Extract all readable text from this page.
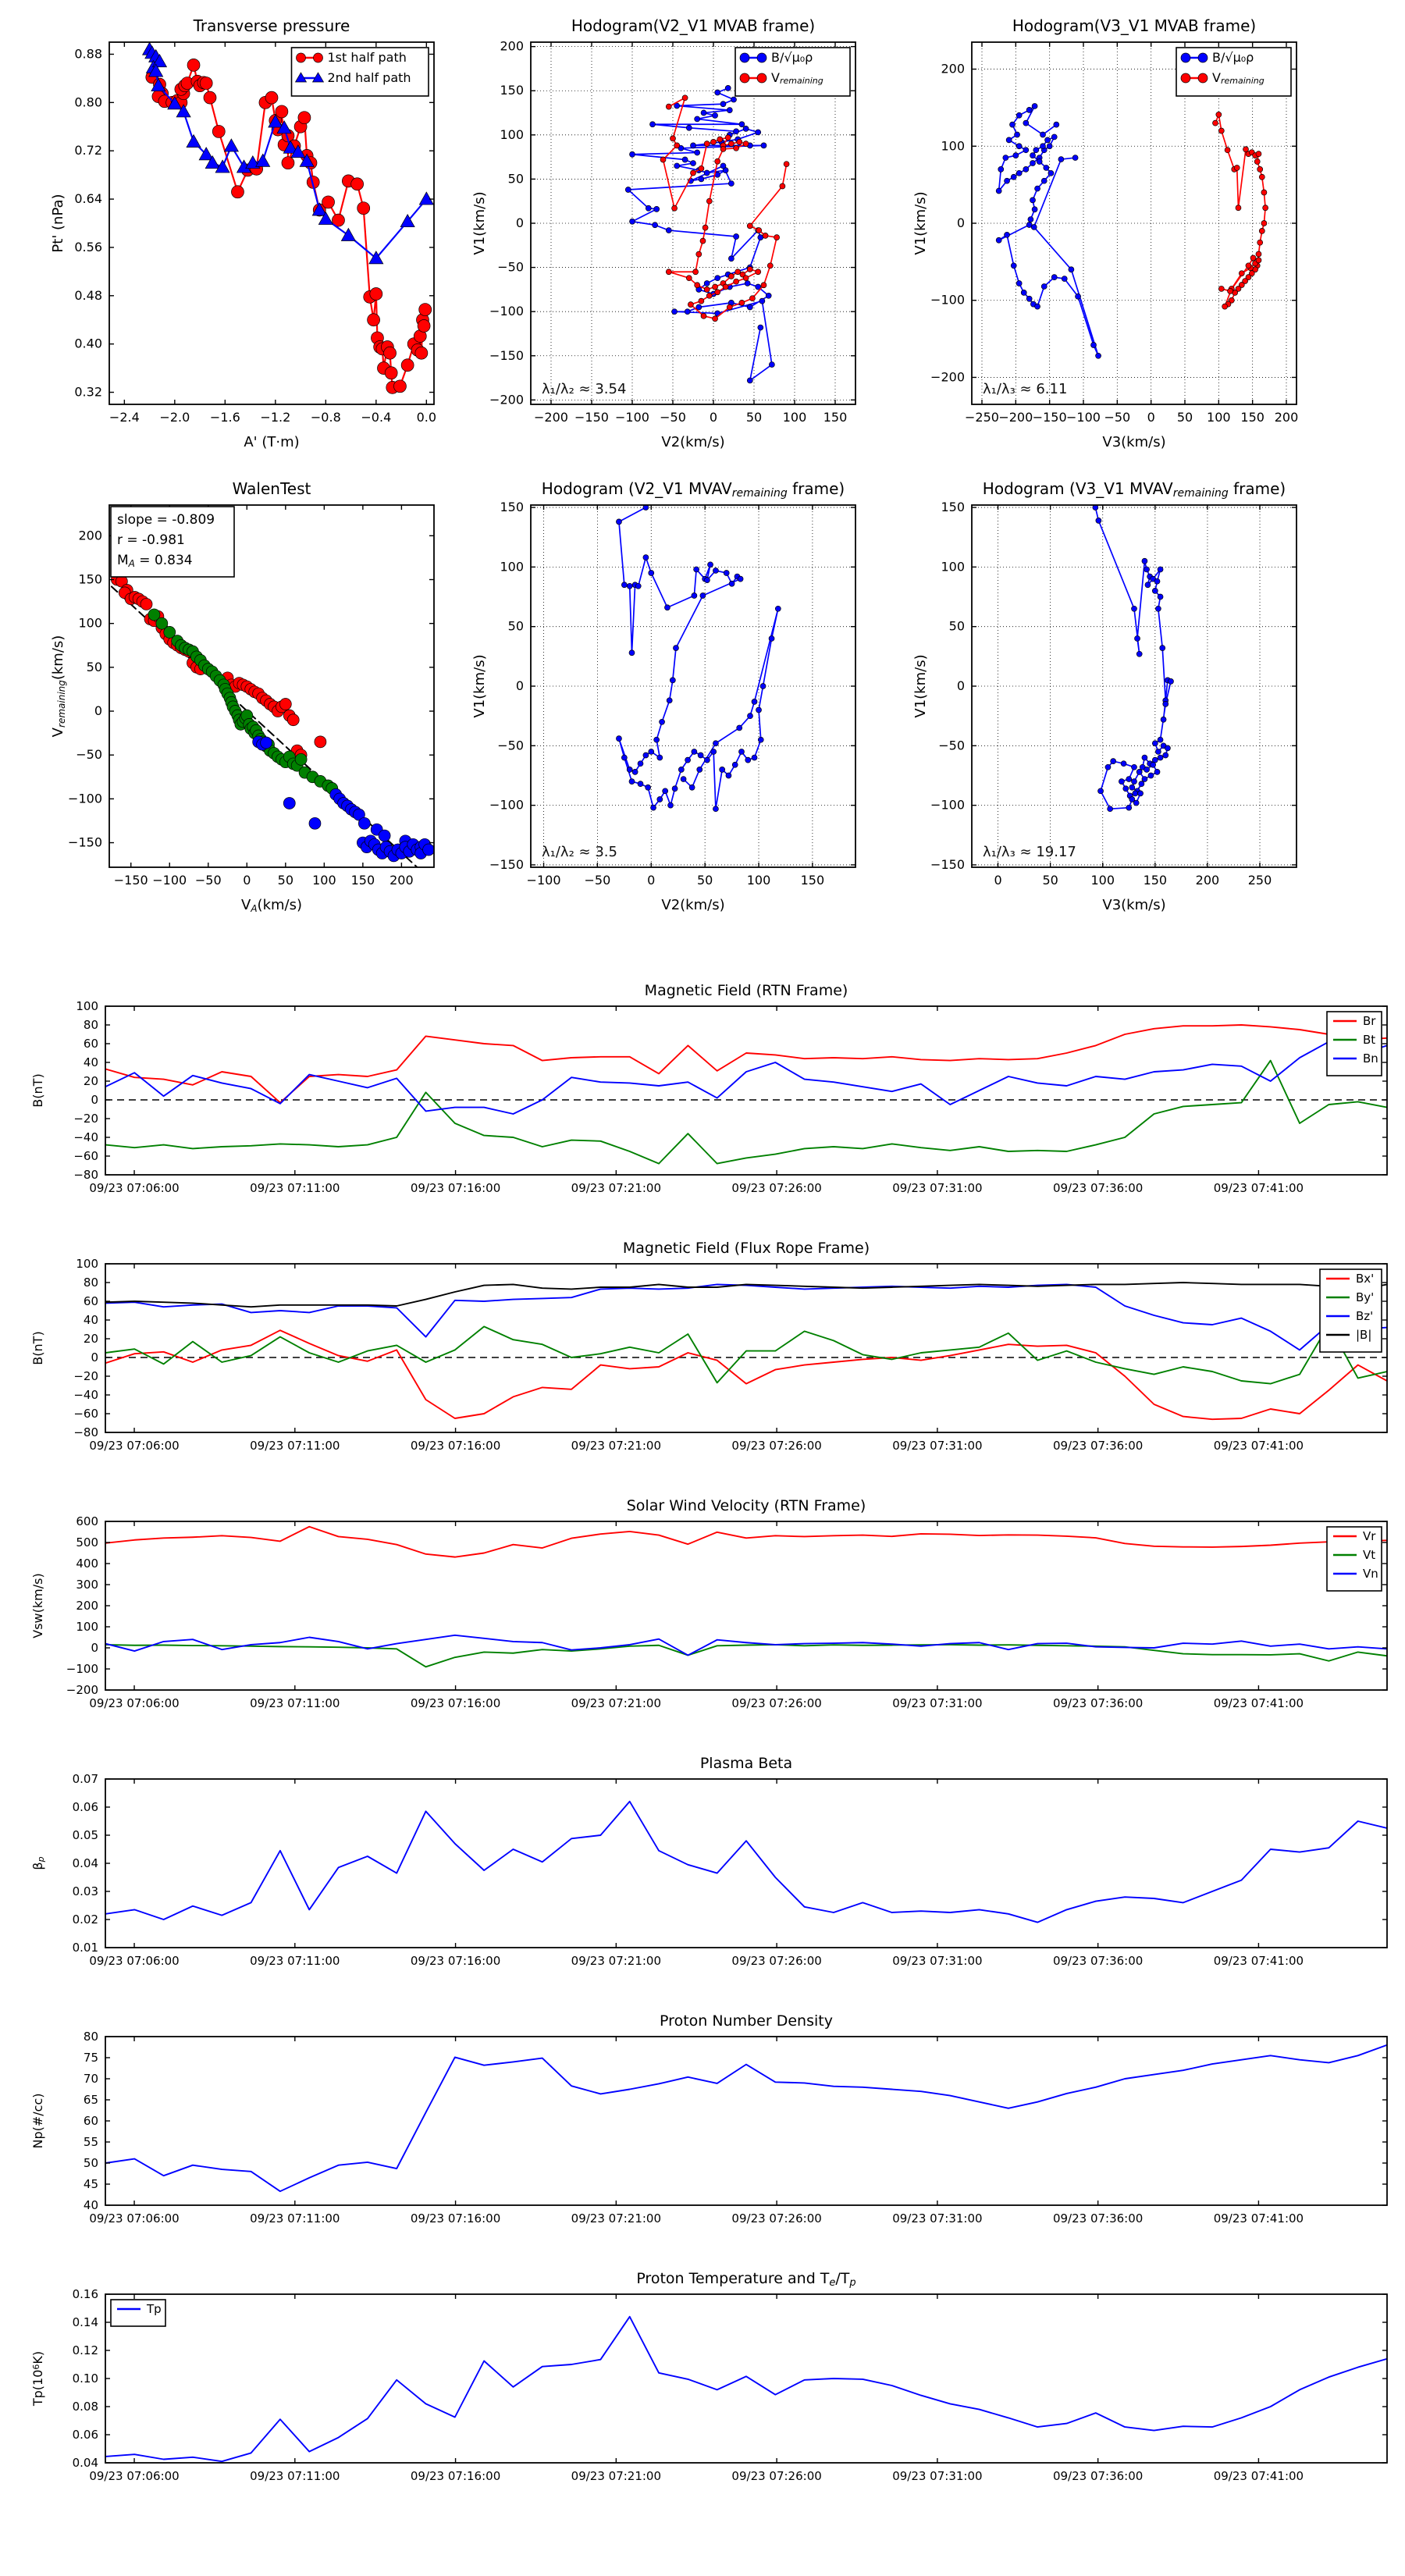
−2.4 −2.0 −1.6 −1.2 −0.8 −0.4 0.0
0.32
0.40
0.48
0.56
0.64
0.72
0.80
0.88
Transverse pressure
A' (T·m)
Pt' (nPa)
1st half path
2nd half path
−200 −150 −100 −50 0 50 100 150
−200
−150
−100
−50
0
50
100
150
200
Hodogram(V2_V1 MVAB frame)
V2(km/s)
V1(km/s)
λ₁/λ₂ ≈ 3.54
B/√μ₀ρ
Vremaining
−250 −200 −150 −100 −50 0 50 100 150 200
−200
−100
0
100
200
Hodogram(V3_V1 MVAB frame)
V3(km/s)
V1(km/s)
λ₁/λ₃ ≈ 6.11
B/√μ₀ρ
Vremaining
−150 −100 −50 0 50 100 150 200
−150
−100
−50
0
50
100
150
200
WalenTest
VA(km/s)
Vremaining(km/s)
slope = -0.809
r = -0.981
MA = 0.834
−100 −50	0	50	100 150
−150
−100
−50
0
50
100
150
Hodogram (V2_V1 MVAVremaining frame)
V2(km/s)
V1(km/s)
λ₁/λ₂ ≈ 3.5
0	50	100 150 200 250
−150
−100
−50
0
50
100
150
Hodogram (V3_V1 MVAVremaining frame)
V3(km/s)
V1(km/s)
λ₁/λ₃ ≈ 19.17
09/23 07:06:00	09/23 07:11:00	09/23 07:16:00	09/23 07:21:00	09/23 07:26:00	09/23 07:31:00	09/23 07:36:00	09/23 07:41:00
−80
−60
−40
−20
0
20
40
60
80
100
Magnetic Field (RTN Frame)
B(nT)
Br
Bt
Bn
09/23 07:06:00	09/23 07:11:00	09/23 07:16:00	09/23 07:21:00	09/23 07:26:00	09/23 07:31:00	09/23 07:36:00	09/23 07:41:00
−80
−60
−40
−20
0
20
40
60
80
100
Magnetic Field (Flux Rope Frame)
B(nT)
Bx'
By'
Bz'
|B|
09/23 07:06:00	09/23 07:11:00	09/23 07:16:00	09/23 07:21:00	09/23 07:26:00	09/23 07:31:00	09/23 07:36:00	09/23 07:41:00
−200
−100
0
100
200
300
400
500
600
Solar Wind Velocity (RTN Frame)
Vsw(km/s)
Vr
Vt
Vn
09/23 07:06:00	09/23 07:11:00	09/23 07:16:00	09/23 07:21:00	09/23 07:26:00	09/23 07:31:00	09/23 07:36:00	09/23 07:41:00
0.01
0.02
0.03
0.04
0.05
0.06
0.07
Plasma Beta
βp
09/23 07:06:00	09/23 07:11:00	09/23 07:16:00	09/23 07:21:00	09/23 07:26:00	09/23 07:31:00	09/23 07:36:00	09/23 07:41:00
40
45
50
55
60
65
70
75
80
Proton Number Density
Np(#/cc)
09/23 07:06:00	09/23 07:11:00	09/23 07:16:00	09/23 07:21:00	09/23 07:26:00	09/23 07:31:00	09/23 07:36:00	09/23 07:41:00
0.04
0.06
0.08
0.10
0.12
0.14
0.16
Proton Temperature and Te/Tp
Tp(106K)
Tp
